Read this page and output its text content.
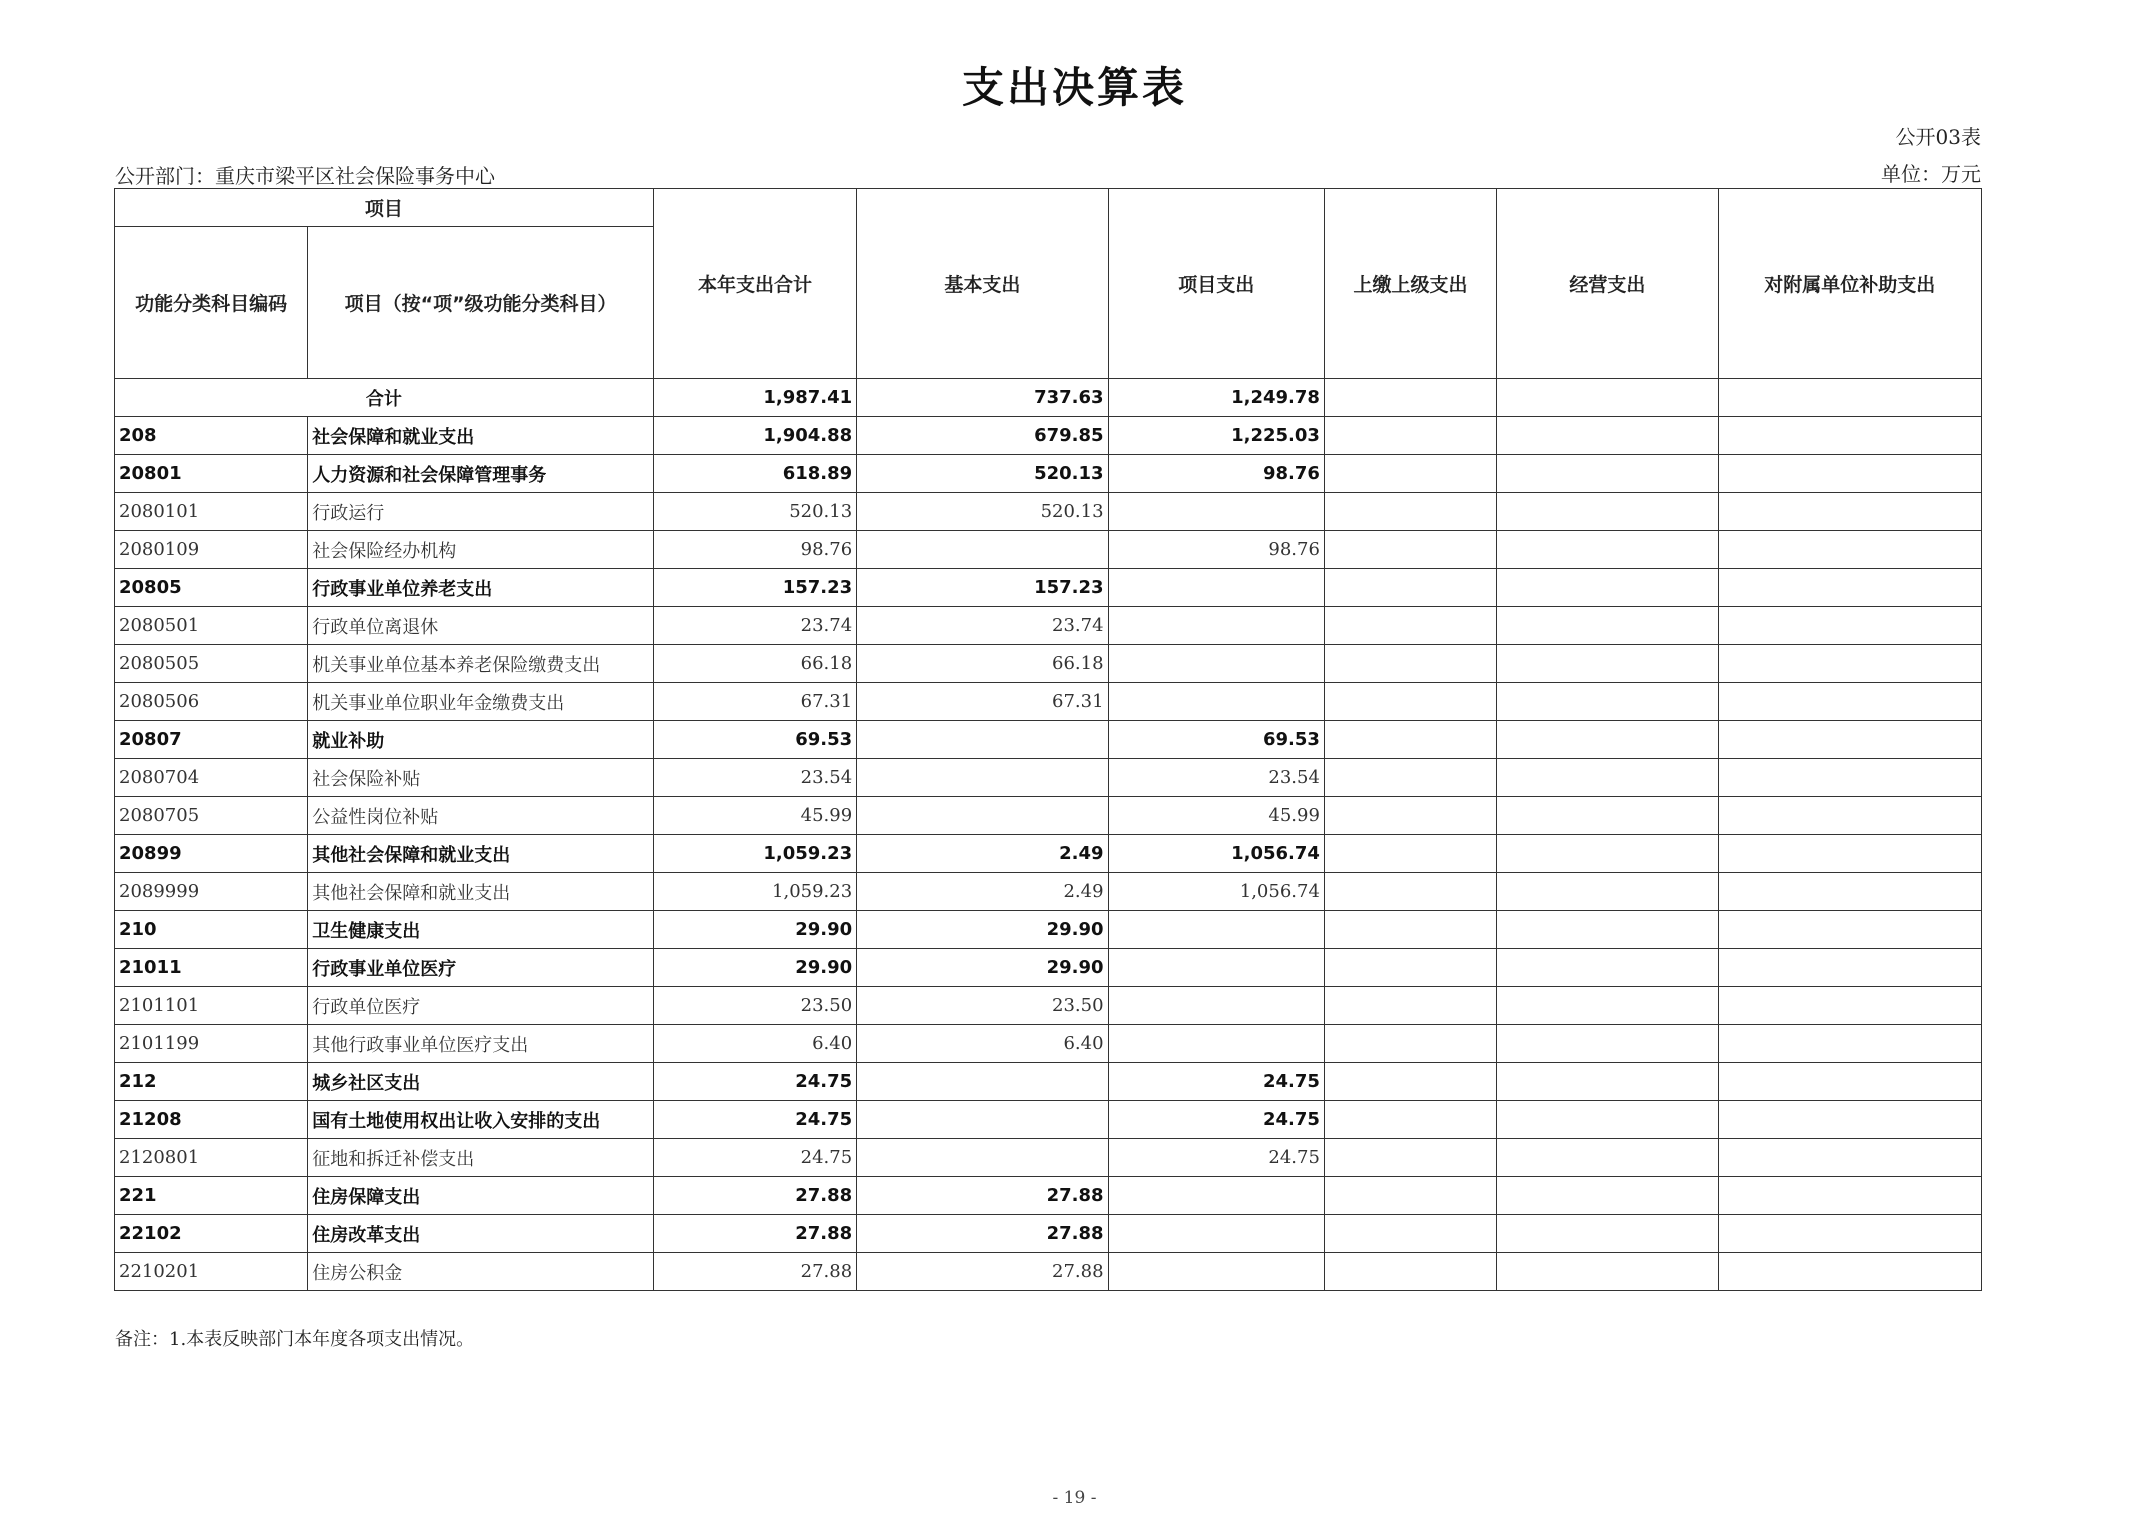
支出决算表
公开03表
公开部门：重庆市梁平区社会保险事务中心	单位：万元
项目		本年支出合计	基本支出	项目支出	上缴上级支出	经营支出	对附属单位补助支出
功能分类科目编码	项目（按“项”级功能分类科目）						
合计		1,987.41	737.63	1,249.78			
208	社会保障和就业支出	1,904.88	679.85	1,225.03			
20801	人力资源和社会保障管理事务	618.89	520.13	98.76			
2080101	行政运行	520.13	520.13				
2080109	社会保险经办机构	98.76		98.76			
20805	行政事业单位养老支出	157.23	157.23				
2080501	行政单位离退休	23.74	23.74				
2080505	机关事业单位基本养老保险缴费支出	66.18	66.18				
2080506	机关事业单位职业年金缴费支出	67.31	67.31				
20807	就业补助	69.53		69.53			
2080704	社会保险补贴	23.54		23.54			
2080705	公益性岗位补贴	45.99		45.99			
20899	其他社会保障和就业支出	1,059.23	2.49	1,056.74			
2089999	其他社会保障和就业支出	1,059.23	2.49	1,056.74			
210	卫生健康支出	29.90	29.90				
21011	行政事业单位医疗	29.90	29.90				
2101101	行政单位医疗	23.50	23.50				
2101199	其他行政事业单位医疗支出	6.40	6.40				
212	城乡社区支出	24.75		24.75			
21208	国有土地使用权出让收入安排的支出	24.75		24.75			
2120801	征地和拆迁补偿支出	24.75		24.75			
221	住房保障支出	27.88	27.88				
22102	住房改革支出	27.88	27.88				
2210201	住房公积金	27.88	27.88				
备注：1.本表反映部门本年度各项支出情况。
- 19 -
